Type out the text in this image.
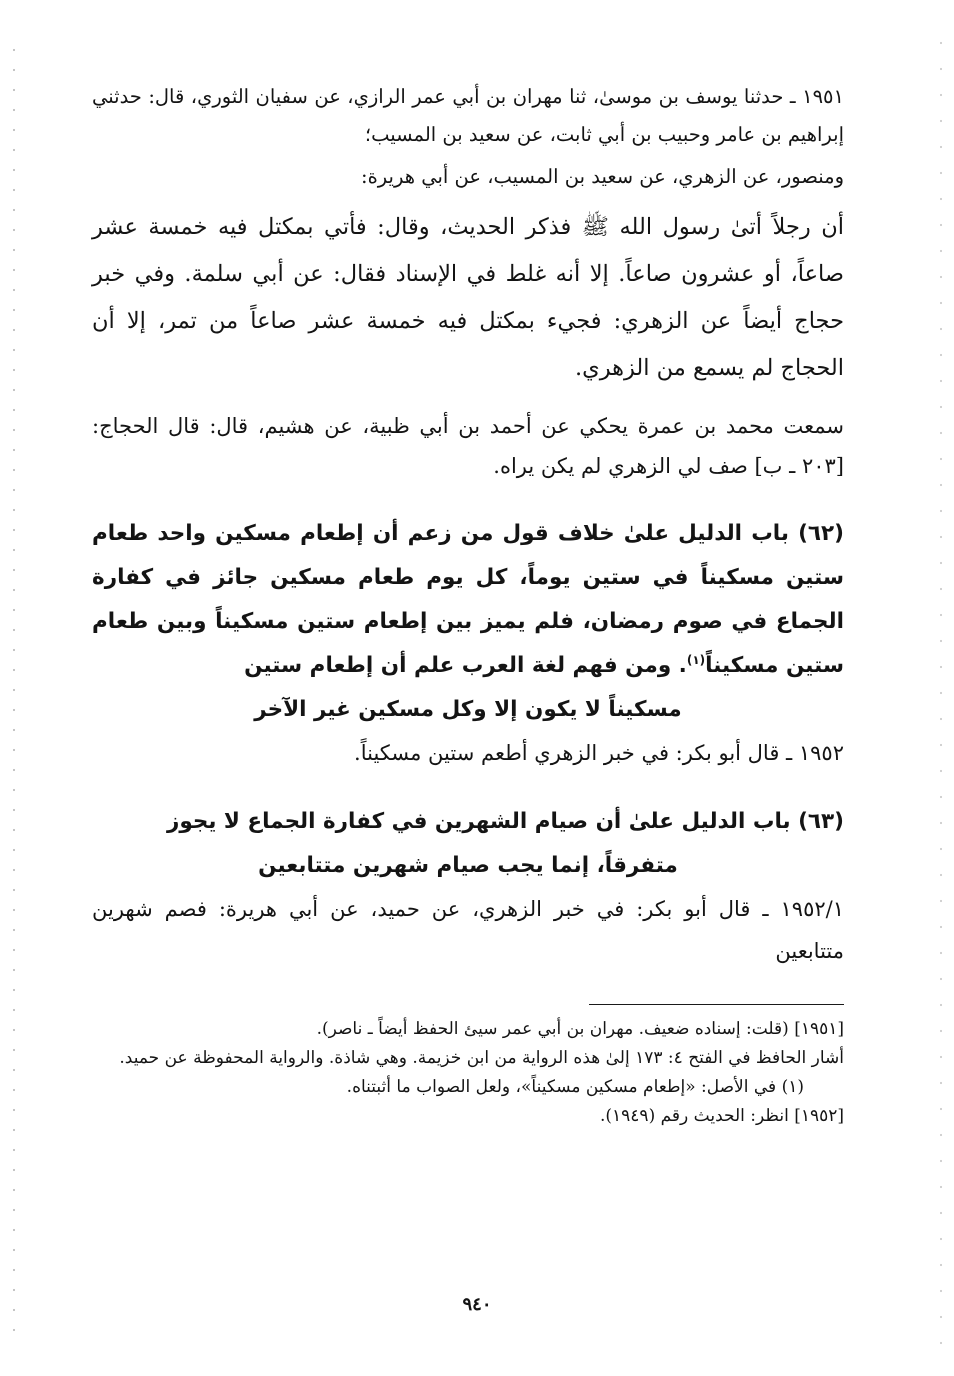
١٩٥١ ـ حدثنا يوسف بن موسىٰ، ثنا مهران بن أبي عمر الرازي، عن سفيان الثوري، قال: حدثني إبراهيم بن عامر وحبيب بن أبي ثابت، عن سعيد بن المسيب؛

ومنصور، عن الزهري، عن سعيد بن المسيب، عن أبي هريرة:

أن رجلاً أتىٰ رسول الله ﷺ فذكر الحديث، وقال: فأتي بمكتل فيه خمسة عشر صاعاً، أو عشرون صاعاً. إلا أنه غلط في الإسناد فقال: عن أبي سلمة. وفي خبر حجاج أيضاً عن الزهري: فجيء بمكتل فيه خمسة عشر صاعاً من تمر، إلا أن الحجاج لم يسمع من الزهري.

سمعت محمد بن عمرة يحكي عن أحمد بن أبي ظبية، عن هشيم، قال: قال الحجاج: [٢٠٣ ـ ب] صف لي الزهري لم يكن يراه.

(٦٢) باب الدليل علىٰ خلاف قول من زعم أن إطعام مسكين واحد طعام ستين مسكيناً في ستين يوماً، كل يوم طعام مسكين جائز في كفارة الجماع في صوم رمضان، فلم يميز بين إطعام ستين مسكيناً وبين طعام ستين مسكيناً$^{(١)}$. ومن فهم لغة العرب علم أن إطعام ستين
مسكيناً لا يكون إلا وكل مسكين غير الآخر

١٩٥٢ ـ قال أبو بكر: في خبر الزهري أطعم ستين مسكيناً.

(٦٣) باب الدليل علىٰ أن صيام الشهرين في كفارة الجماع لا يجوز
متفرقاً، إنما يجب صيام شهرين متتابعين

١٩٥٢/١ ـ قال أبو بكر: في خبر الزهري، عن حميد، عن أبي هريرة: فصم شهرين متتابعين

[١٩٥١] (قلت: إسناده ضعيف. مهران بن أبي عمر سيئ الحفظ أيضاً ـ ناصر).

أشار الحافظ في الفتح ٤: ١٧٣ إلىٰ هذه الرواية من ابن خزيمة. وهي شاذة. والرواية المحفوظة عن حميد.

(١) في الأصل: «إطعام مسكين مسكيناً»، ولعل الصواب ما أثبتناه.

[١٩٥٢] انظر: الحديث رقم (١٩٤٩).

٩٤٠
